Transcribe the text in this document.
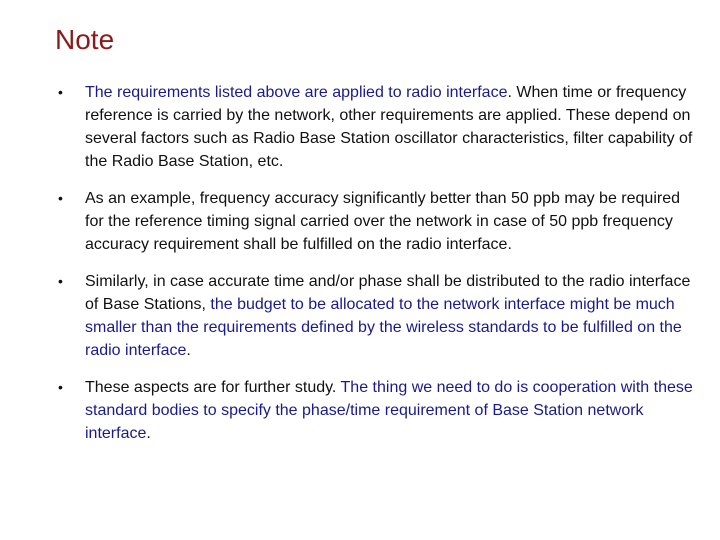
Note
• The requirements listed above are applied to radio interface. When time or frequency reference is carried by the network, other requirements are applied. These depend on several factors such as Radio Base Station oscillator characteristics, filter capability of the Radio Base Station, etc.
• As an example, frequency accuracy significantly better than 50 ppb may be required for the reference timing signal carried over the network in case of 50 ppb frequency accuracy requirement shall be fulfilled on the radio interface.
• Similarly, in case accurate time and/or phase shall be distributed to the radio interface of Base Stations, the budget to be allocated to the network interface might be much smaller than the requirements defined by the wireless standards to be fulfilled on the radio interface.
• These aspects are for further study. The thing we need to do is cooperation with these standard bodies to specify the phase/time requirement of Base Station network interface.
